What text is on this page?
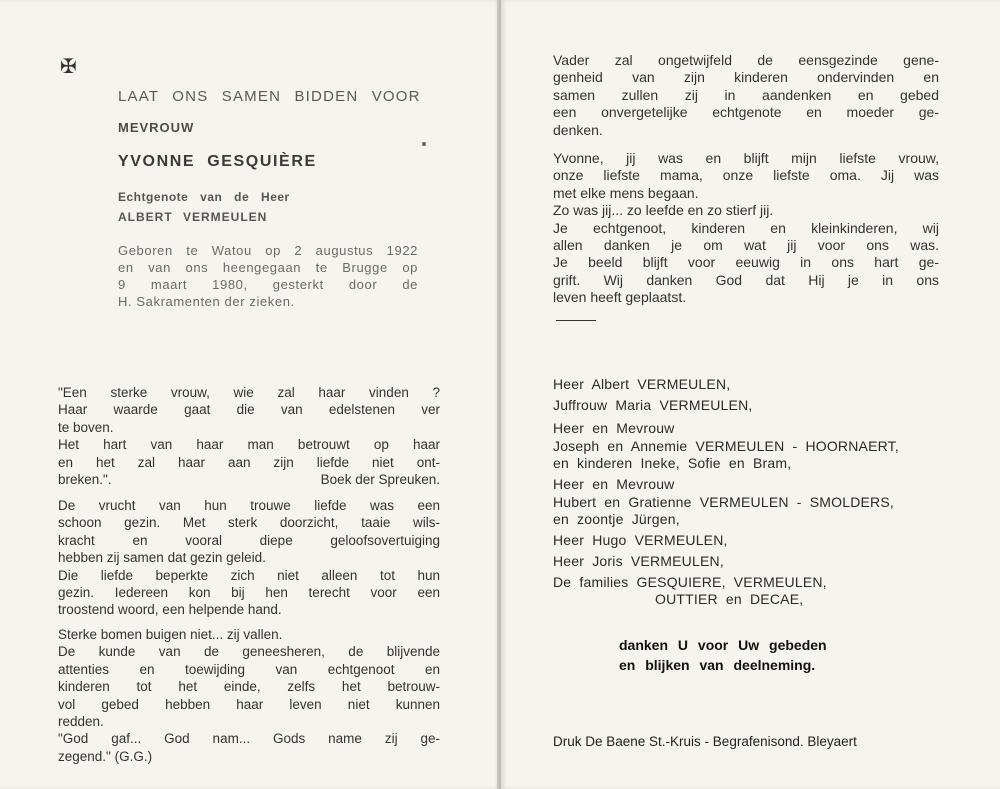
✠
LAAT ONS SAMEN BIDDEN VOOR
MEVROUW
YVONNE GESQUIÈRE
Echtgenote van de Heer
ALBERT VERMEULEN
Geboren te Watou op 2 augustus 1922
en van ons heengegaan te Brugge op
9 maart 1980, gesterkt door de
H. Sakramenten der zieken.
"Een sterke vrouw, wie zal haar vinden ?
Haar waarde gaat die van edelstenen ver
te boven.
Het hart van haar man betrouwt op haar
en het zal haar aan zijn liefde niet ont-
breken.".	Boek der Spreuken.
De vrucht van hun trouwe liefde was een
schoon gezin. Met sterk doorzicht, taaie wils-
kracht en vooral diepe geloofsovertuiging
hebben zij samen dat gezin geleid.
Die liefde beperkte zich niet alleen tot hun
gezin. Iedereen kon bij hen terecht voor een
troostend woord, een helpende hand.
Sterke bomen buigen niet... zij vallen.
De kunde van de geneesheren, de blijvende
attenties en toewijding van echtgenoot en
kinderen tot het einde, zelfs het betrouw-
vol gebed hebben haar leven niet kunnen
redden.
"God gaf... God nam... Gods name zij ge-
zegend." (G.G.)
Vader zal ongetwijfeld de eensgezinde gene-
genheid van zijn kinderen ondervinden en
samen zullen zij in aandenken en gebed
een onvergetelijke echtgenote en moeder ge-
denken.
Yvonne, jij was en blijft mijn liefste vrouw,
onze liefste mama, onze liefste oma. Jij was
met elke mens begaan.
Zo was jij... zo leefde en zo stierf jij.
Je echtgenoot, kinderen en kleinkinderen, wij
allen danken je om wat jij voor ons was.
Je beeld blijft voor eeuwig in ons hart ge-
grift. Wij danken God dat Hij je in ons
leven heeft geplaatst.
Heer Albert VERMEULEN,
Juffrouw Maria VERMEULEN,
Heer en Mevrouw
Joseph en Annemie VERMEULEN - HOORNAERT,
en kinderen Ineke, Sofie en Bram,
Heer en Mevrouw
Hubert en Gratienne VERMEULEN - SMOLDERS,
en zoontje Jürgen,
Heer Hugo VERMEULEN,
Heer Joris VERMEULEN,
De families GESQUIERE, VERMEULEN,
OUTTIER en DECAE,
danken U voor Uw gebeden
en blijken van deelneming.
Druk De Baene St.-Kruis - Begrafenisond. Bleyaert
